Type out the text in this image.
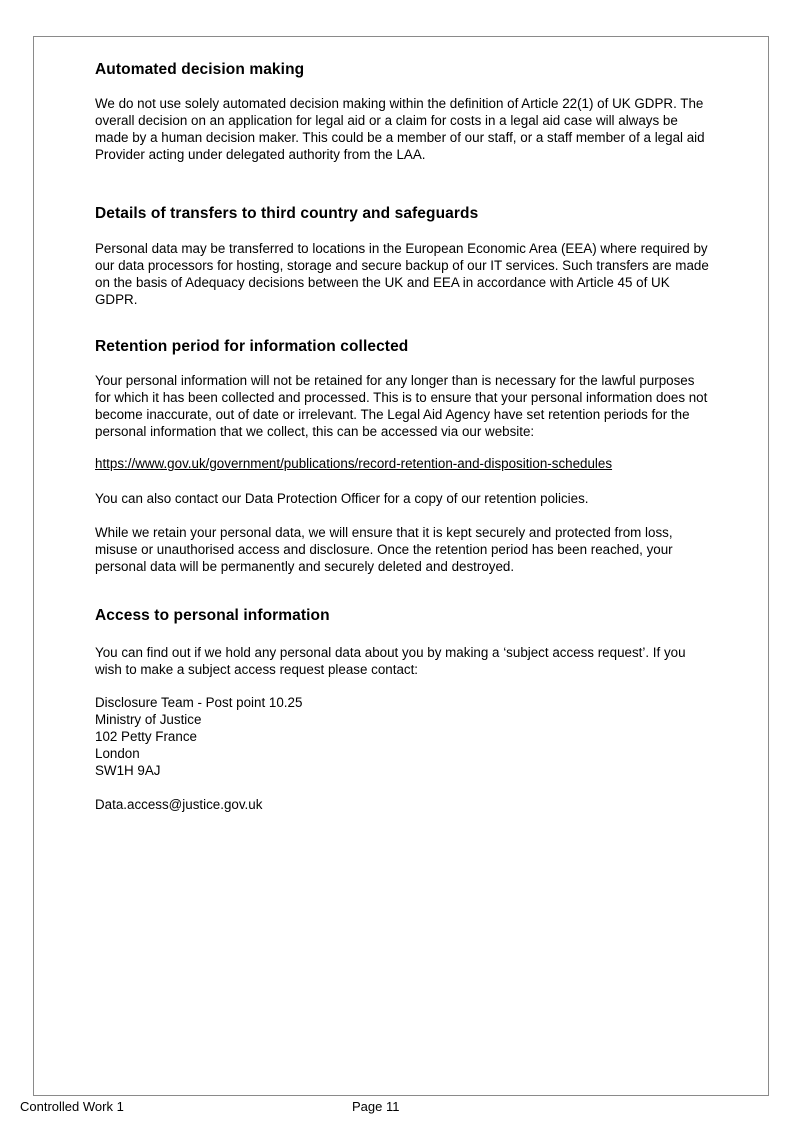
Automated decision making

We do not use solely automated decision making within the definition of Article 22(1) of UK GDPR. The overall decision on an application for legal aid or a claim for costs in a legal aid case will always be made by a human decision maker. This could be a member of our staff, or a staff member of a legal aid Provider acting under delegated authority from the LAA.

Details of transfers to third country and safeguards

Personal data may be transferred to locations in the European Economic Area (EEA) where required by our data processors for hosting, storage and secure backup of our IT services. Such transfers are made on the basis of Adequacy decisions between the UK and EEA in accordance with Article 45 of UK GDPR.

Retention period for information collected

Your personal information will not be retained for any longer than is necessary for the lawful purposes for which it has been collected and processed. This is to ensure that your personal information does not become inaccurate, out of date or irrelevant. The Legal Aid Agency have set retention periods for the personal information that we collect, this can be accessed via our website:

https://www.gov.uk/government/publications/record-retention-and-disposition-schedules

You can also contact our Data Protection Officer for a copy of our retention policies.

While we retain your personal data, we will ensure that it is kept securely and protected from loss, misuse or unauthorised access and disclosure. Once the retention period has been reached, your personal data will be permanently and securely deleted and destroyed.

Access to personal information

You can find out if we hold any personal data about you by making a ‘subject access request’. If you wish to make a subject access request please contact:

Disclosure Team - Post point 10.25
Ministry of Justice
102 Petty France
London
SW1H 9AJ

Data.access@justice.gov.uk

Controlled Work 1	Page 11
